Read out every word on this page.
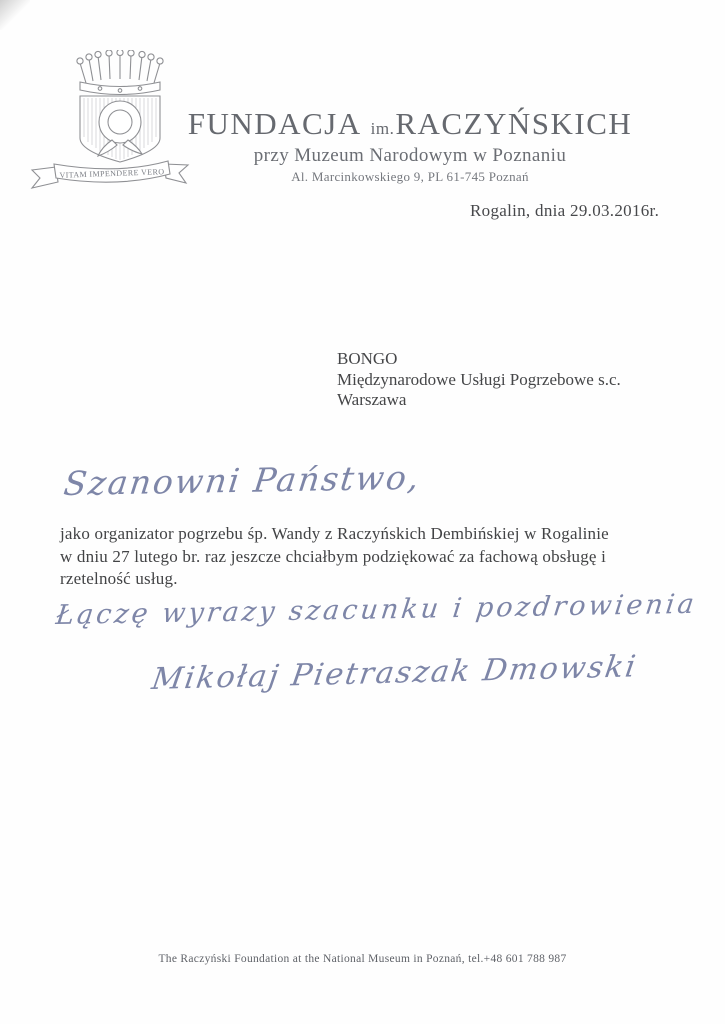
VITAM IMPENDERE VERO
FUNDACJA im.RACZYŃSKICH
przy Muzeum Narodowym w Poznaniu
Al. Marcinkowskiego 9, PL 61-745 Poznań
Rogalin, dnia 29.03.2016r.
BONGO
Międzynarodowe Usługi Pogrzebowe s.c.
Warszawa
Szanowni Państwo,
jako organizator pogrzebu śp. Wandy z Raczyńskich Dembińskiej w Rogalinie
w dniu 27 lutego br. raz jeszcze chciałbym podziękować za fachową obsługę i
rzetelność usług.
Łączę wyrazy szacunku i pozdrowienia
Mikołaj Pietraszak Dmowski
The Raczyński Foundation at the National Museum in Poznań, tel.+48 601 788 987
